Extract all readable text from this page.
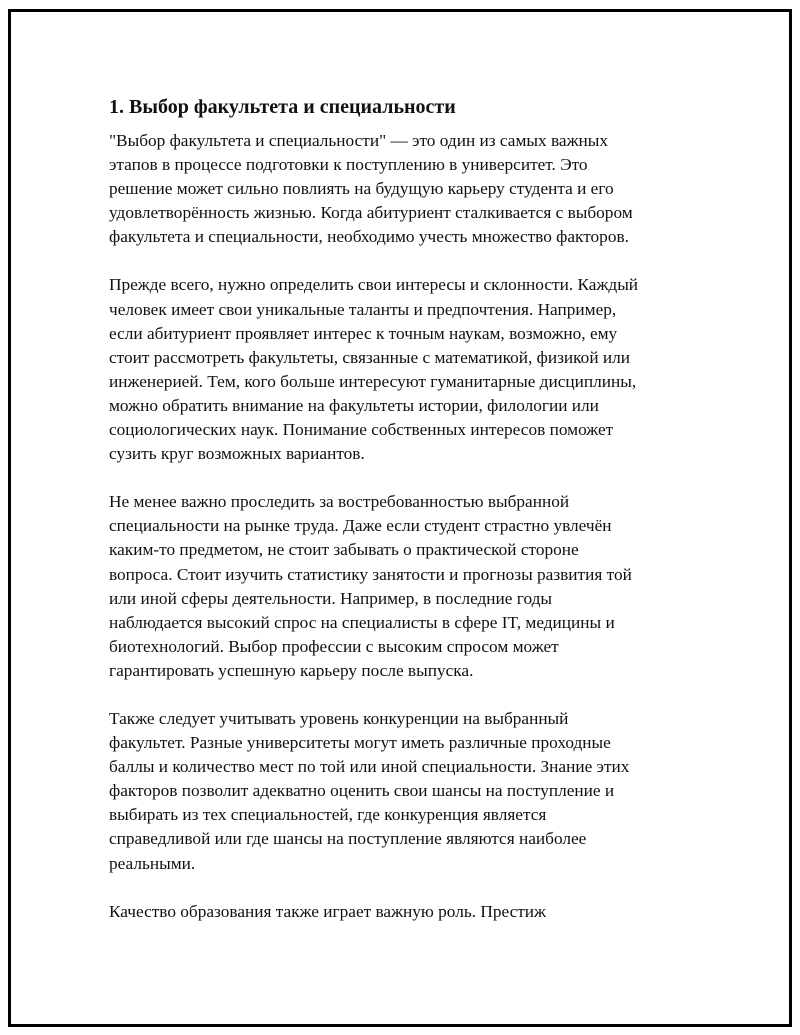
1. Выбор факультета и специальности

"Выбор факультета и специальности" — это один из самых важных
этапов в процессе подготовки к поступлению в университет. Это
решение может сильно повлиять на будущую карьеру студента и его
удовлетворённость жизнью. Когда абитуриент сталкивается с выбором
факультета и специальности, необходимо учесть множество факторов.

Прежде всего, нужно определить свои интересы и склонности. Каждый
человек имеет свои уникальные таланты и предпочтения. Например,
если абитуриент проявляет интерес к точным наукам, возможно, ему
стоит рассмотреть факультеты, связанные с математикой, физикой или
инженерией. Тем, кого больше интересуют гуманитарные дисциплины,
можно обратить внимание на факультеты истории, филологии или
социологических наук. Понимание собственных интересов поможет
сузить круг возможных вариантов.

Не менее важно проследить за востребованностью выбранной
специальности на рынке труда. Даже если студент страстно увлечён
каким-то предметом, не стоит забывать о практической стороне
вопроса. Стоит изучить статистику занятости и прогнозы развития той
или иной сферы деятельности. Например, в последние годы
наблюдается высокий спрос на специалисты в сфере IT, медицины и
биотехнологий. Выбор профессии с высоким спросом может
гарантировать успешную карьеру после выпуска.

Также следует учитывать уровень конкуренции на выбранный
факультет. Разные университеты могут иметь различные проходные
баллы и количество мест по той или иной специальности. Знание этих
факторов позволит адекватно оценить свои шансы на поступление и
выбирать из тех специальностей, где конкуренция является
справедливой или где шансы на поступление являются наиболее
реальными.

Качество образования также играет важную роль. Престиж
